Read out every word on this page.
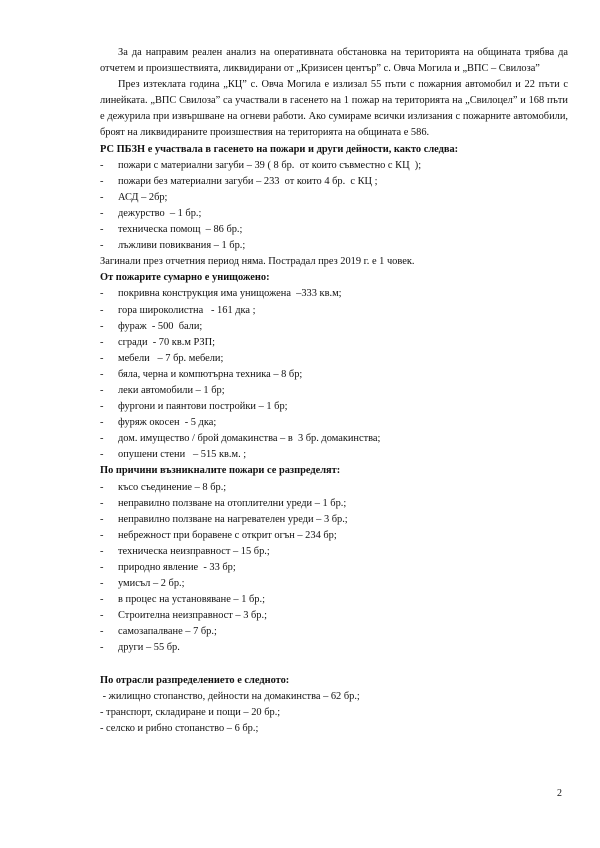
За да направим реален анализ на оперативната обстановка на територията на общината трябва да отчетем и произшествията, ликвидирани от „Кризисен център” с. Овча Могила и „ВПС – Свилоза”

През изтеклата година „КЦ” с. Овча Могила е излизал 55 пъти с пожарния автомобил и 22 пъти с линейката. „ВПС Свилоза” са участвали в гасенето на 1 пожар на територията на „Свилоцел” и 168 пъти е дежурила при извършване на огневи работи. Ако сумираме всички излизания с пожарните автомобили, броят на ликвидираните произшествия на територията на общината е 586.

РС ПБЗН е участвала в гасенето на пожари и други дейности, както следва:

- пожари с материални загуби – 39 ( 8 бр.  от които съвместно с КЦ  );
- пожари без материални загуби – 233  от които 4 бр.  с КЦ ;
- АСД – 2бр;
- дежурство  – 1 бр.;
- техническа помощ  – 86 бр.;
- лъжливи повиквания – 1 бр.;

Загинали през отчетния период няма. Пострадал през 2019 г. е 1 човек.

От пожарите сумарно е унищожено:

- покривна конструкция има унищожена  –333 кв.м;
- гора широколистна   - 161 дка ;
- фураж  - 500  бали;
- сгради  - 70 кв.м РЗП;
- мебели   – 7 бр. мебели;
- бяла, черна и компютърна техника – 8 бр;
- леки автомобили – 1 бр;
- фургони и паянтови постройки – 1 бр;
- фуряж окосен  - 5 дка;
- дом. имущество / брой домакинства – в  3 бр. домакинства;
- опушени стени   – 515 кв.м. ;

По причини възникналите пожари се разпределят:

- късо съединение – 8 бр.;
- неправилно ползване на отоплителни уреди – 1 бр.;
- неправилно ползване на нагревателен уреди – 3 бр.;
- небрежност при боравене с открит огън – 234 бр;
- техническа неизправност – 15 бр.;
- природно явление  - 33 бр;
- умисъл – 2 бр.;
- в процес на установяване – 1 бр.;
- Строителна неизправност – 3 бр.;
- самозапалване – 7 бр.;
- други – 55 бр.

По отрасли разпределението е следното:

- жилищно стопанство, дейности на домакинства – 62 бр.;
- транспорт, складиране и пощи – 20 бр.;
- селско и рибно стопанство – 6 бр.;
2
